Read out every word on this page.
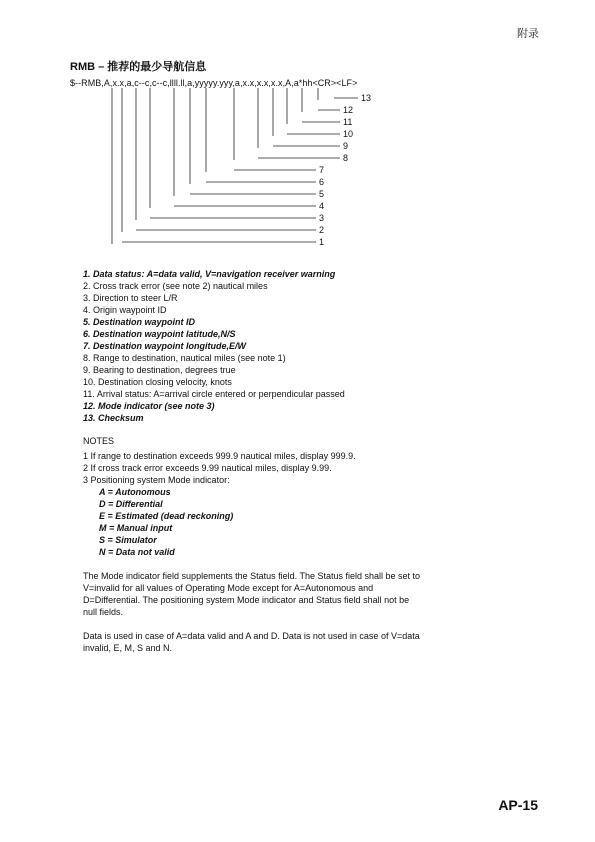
附录
RMB – 推荐的最少导航信息
$--RMB,A,x.x,a,c--c,c--c,llll.ll,a,yyyyy.yyy,a,x.x,x.x,x.x,A,a*hh<CR><LF>
13
12
11
10
9
8
7
6
5
4
3
2
1
1. Data status: A=data valid, V=navigation receiver warning
2. Cross track error (see note 2) nautical miles
3. Direction to steer L/R
4. Origin waypoint ID
5. Destination waypoint ID
6. Destination waypoint latitude,N/S
7. Destination waypoint longitude,E/W
8. Range to destination, nautical miles (see note 1)
9. Bearing to destination, degrees true
10. Destination closing velocity, knots
11. Arrival status: A=arrival circle entered or perpendicular passed
12. Mode indicator (see note 3)
13. Checksum
NOTES
1 If range to destination exceeds 999.9 nautical miles, display 999.9.
2 If cross track error exceeds 9.99 nautical miles, display 9.99.
3 Positioning system Mode indicator:
A = Autonomous
D = Differential
E = Estimated (dead reckoning)
M = Manual input
S = Simulator
N = Data not valid
The Mode indicator field supplements the Status field. The Status field shall be set to V=invalid for all values of Operating Mode except for A=Autonomous and D=Differential. The positioning system Mode indicator and Status field shall not be null fields.
Data is used in case of A=data valid and A and D. Data is not used in case of V=data invalid, E, M, S and N.
AP-15
